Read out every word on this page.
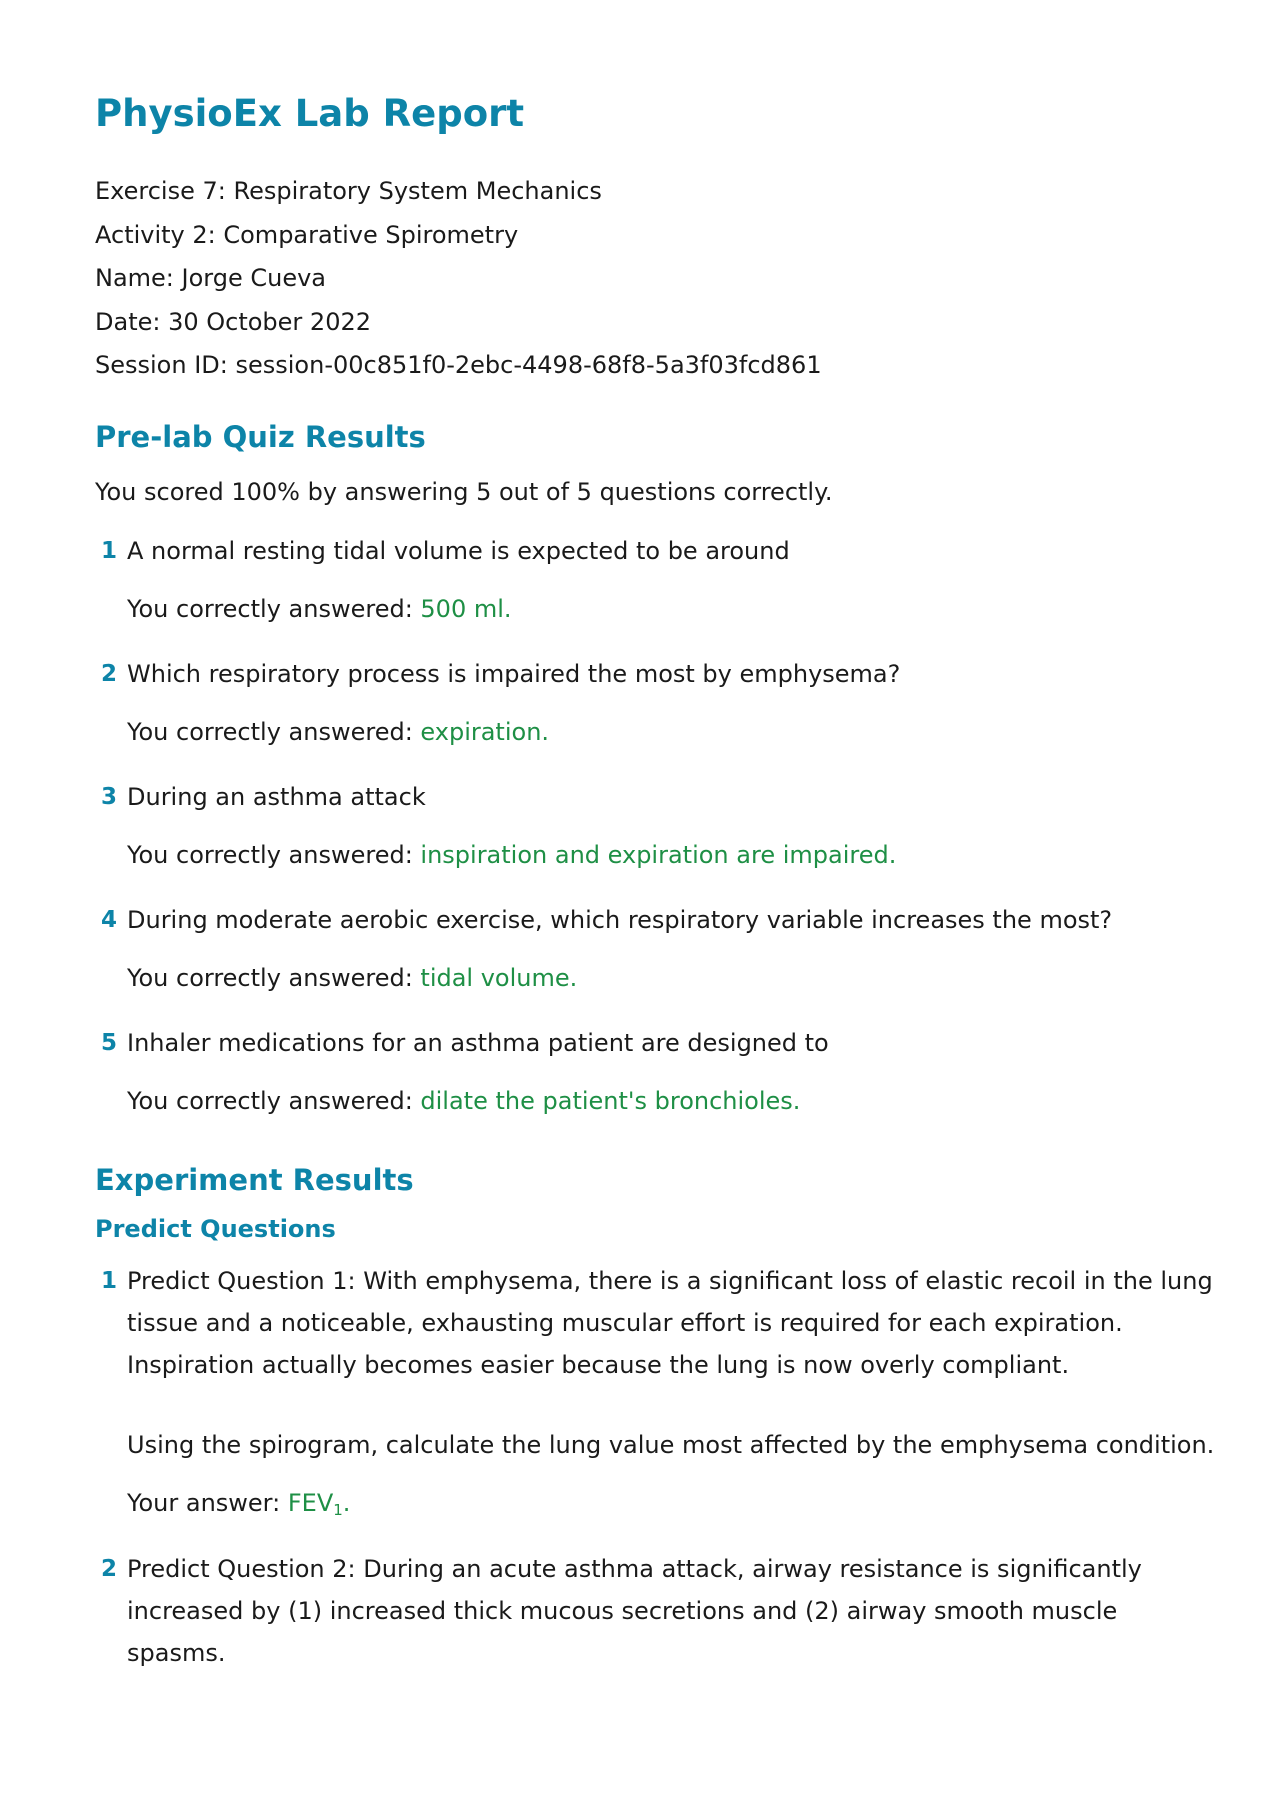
PhysioEx Lab Report
Exercise 7: Respiratory System Mechanics
Activity 2: Comparative Spirometry
Name: Jorge Cueva
Date: 30 October 2022
Session ID: session-00c851f0-2ebc-4498-68f8-5a3f03fcd861
Pre-lab Quiz Results

You scored 100% by answering 5 out of 5 questions correctly.

1 A normal resting tidal volume is expected to be around

You correctly answered: 500 ml.

2 Which respiratory process is impaired the most by emphysema?

You correctly answered: expiration.

3 During an asthma attack

You correctly answered: inspiration and expiration are impaired.

4 During moderate aerobic exercise, which respiratory variable increases the most?

You correctly answered: tidal volume.

5 Inhaler medications for an asthma patient are designed to

You correctly answered: dilate the patient's bronchioles.

Experiment Results
Predict Questions
1 Predict Question 1: With emphysema, there is a significant loss of elastic recoil in the lung

tissue and a noticeable, exhausting muscular effort is required for each expiration.

Inspiration actually becomes easier because the lung is now overly compliant.

Using the spirogram, calculate the lung value most affected by the emphysema condition.

Your answer: $FEV_1$.

2 Predict Question 2: During an acute asthma attack, airway resistance is significantly

increased by (1) increased thick mucous secretions and (2) airway smooth muscle

spasms.
